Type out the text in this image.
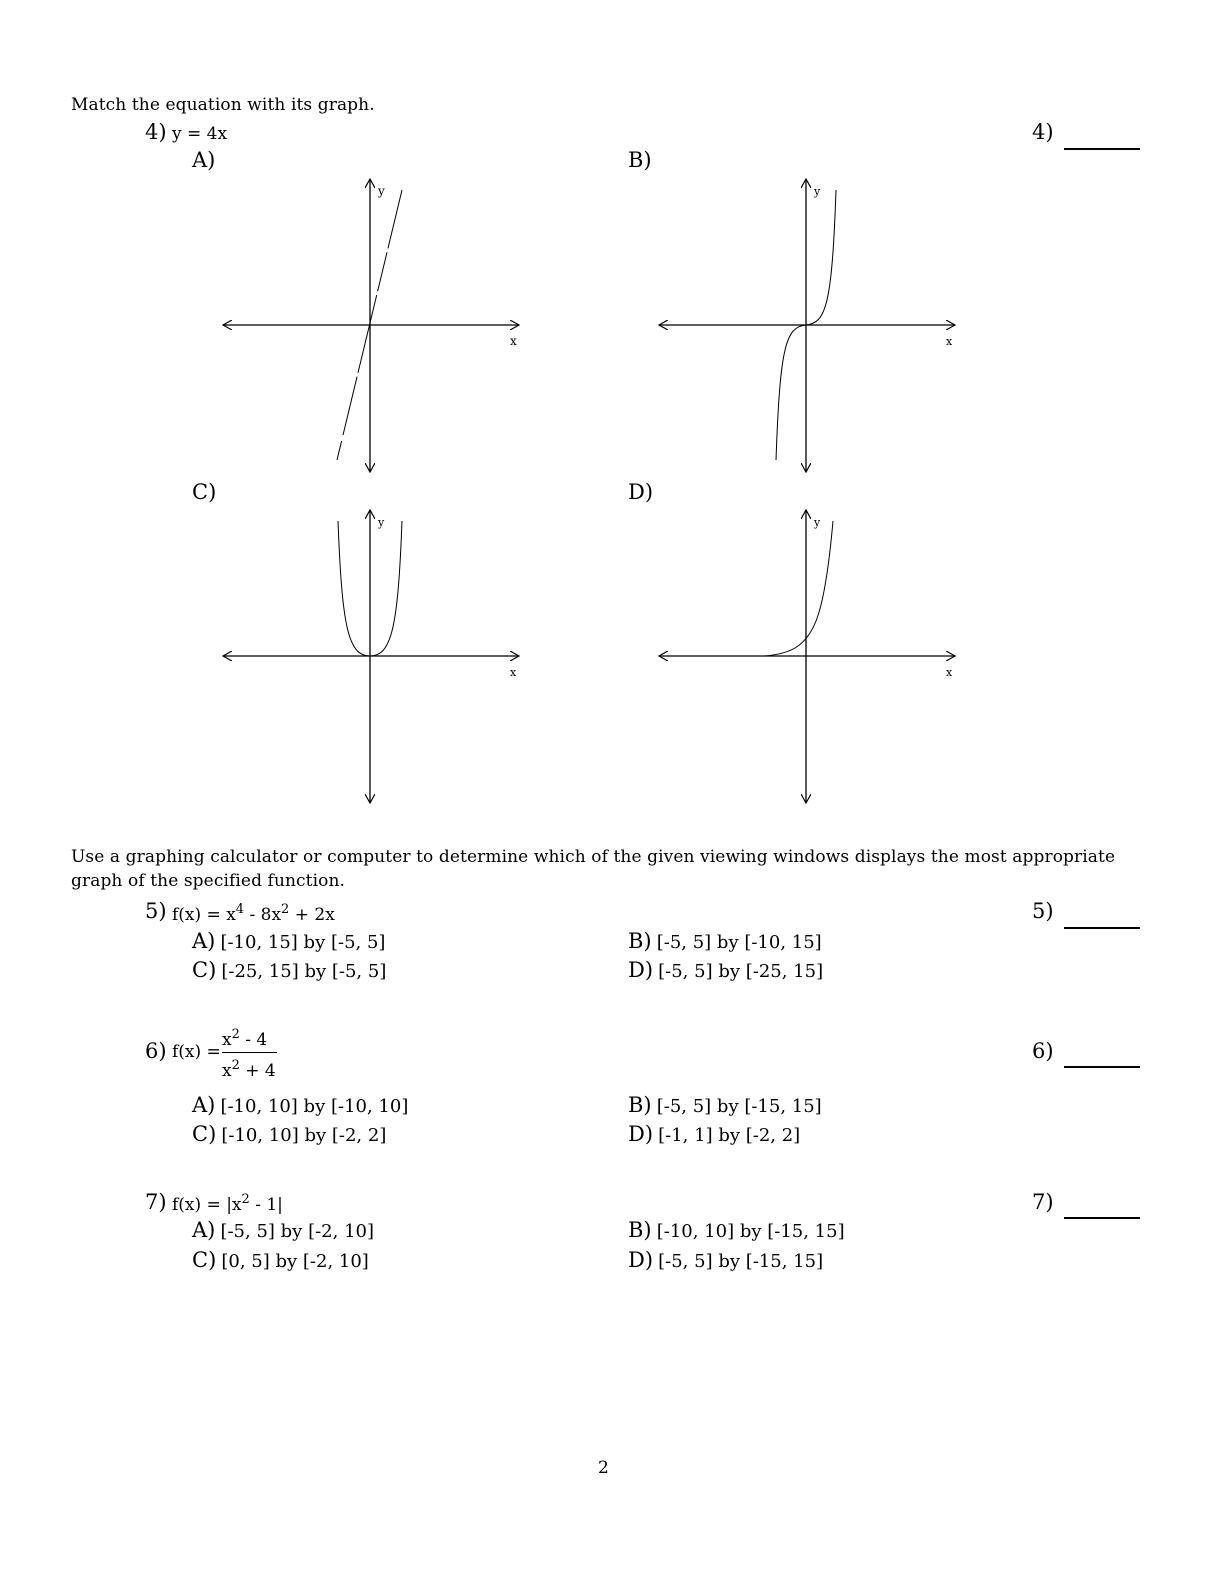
Match the equation with its graph.
4) y = 4x	4)
A)	B)
C)	D)
y
x
y
x
y
x
y
x
Use a graphing calculator or computer to determine which of the given viewing windows displays the most appropriate
graph of the specified function.
5) $f(x) = x^4 - 8x^2 + 2x$	5)
A) [-10, 15] by [-5, 5]	B) [-5, 5] by [-10, 15]
C) [-25, 15] by [-5, 5]	D) [-5, 5] by [-25, 15]
6) f(x) =
$x^2 - 4$
$x^2 + 4$
6)
A) [-10, 10] by [-10, 10]	B) [-5, 5] by [-15, 15]
C) [-10, 10] by [-2, 2]	D) [-1, 1] by [-2, 2]
7) $f(x) = |x^2 - 1|$	7)
A) [-5, 5] by [-2, 10]	B) [-10, 10] by [-15, 15]
C) [0, 5] by [-2, 10]	D) [-5, 5] by [-15, 15]
2
